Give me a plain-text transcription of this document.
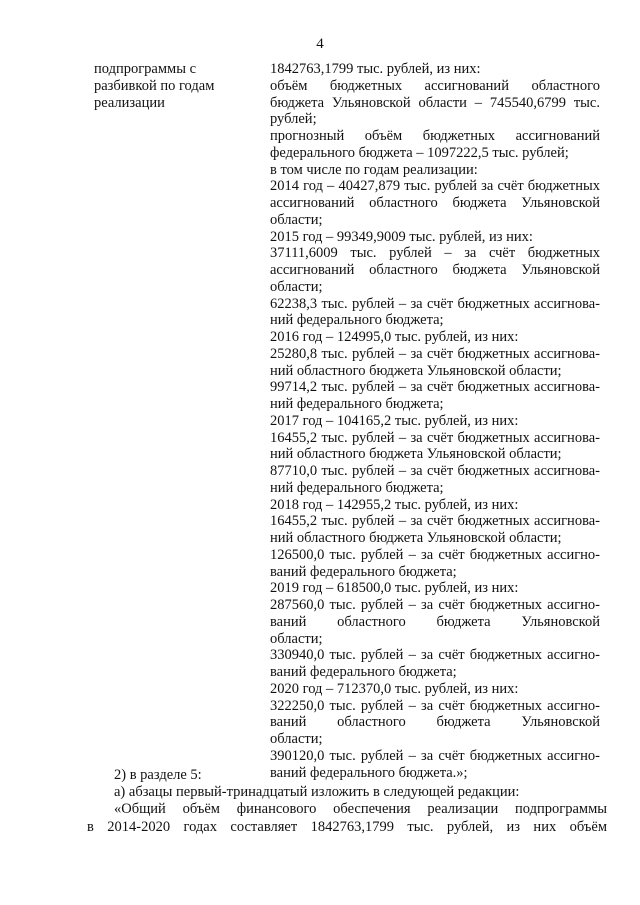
4
подпрограммы с
разбивкой по годам
реализации
1842763,1799 тыс. рублей, из них:
объём бюджетных ассигнований областного
бюджета Ульяновской области – 745540,6799 тыс.
рублей;
прогнозный объём бюджетных ассигнований
федерального бюджета – 1097222,5 тыс. рублей;
в том числе по годам реализации:
2014 год – 40427,879 тыс. рублей за счёт бюджетных
ассигнований областного бюджета Ульяновской
области;
2015 год – 99349,9009 тыс. рублей, из них:
37111,6009 тыс. рублей – за счёт бюджетных
ассигнований областного бюджета Ульяновской
области;
62238,3 тыс. рублей – за счёт бюджетных ассигнова-
ний федерального бюджета;
2016 год – 124995,0 тыс. рублей, из них:
25280,8 тыс. рублей – за счёт бюджетных ассигнова-
ний областного бюджета Ульяновской области;
99714,2 тыс. рублей – за счёт бюджетных ассигнова-
ний федерального бюджета;
2017 год – 104165,2 тыс. рублей, из них:
16455,2 тыс. рублей – за счёт бюджетных ассигнова-
ний областного бюджета Ульяновской области;
87710,0 тыс. рублей – за счёт бюджетных ассигнова-
ний федерального бюджета;
2018 год – 142955,2 тыс. рублей, из них:
16455,2 тыс. рублей – за счёт бюджетных ассигнова-
ний областного бюджета Ульяновской области;
126500,0 тыс. рублей – за счёт бюджетных ассигно-
ваний федерального бюджета;
2019 год – 618500,0 тыс. рублей, из них:
287560,0 тыс. рублей – за счёт бюджетных ассигно-
ваний областного бюджета Ульяновской
области;
330940,0 тыс. рублей – за счёт бюджетных ассигно-
ваний федерального бюджета;
2020 год – 712370,0 тыс. рублей, из них:
322250,0 тыс. рублей – за счёт бюджетных ассигно-
ваний областного бюджета Ульяновской
области;
390120,0 тыс. рублей – за счёт бюджетных ассигно-
ваний федерального бюджета.»;
2) в разделе 5:
а) абзацы первый-тринадцатый изложить в следующей редакции:
«Общий объём финансового обеспечения реализации подпрограммы
в 2014-2020 годах составляет 1842763,1799 тыс. рублей, из них объём
